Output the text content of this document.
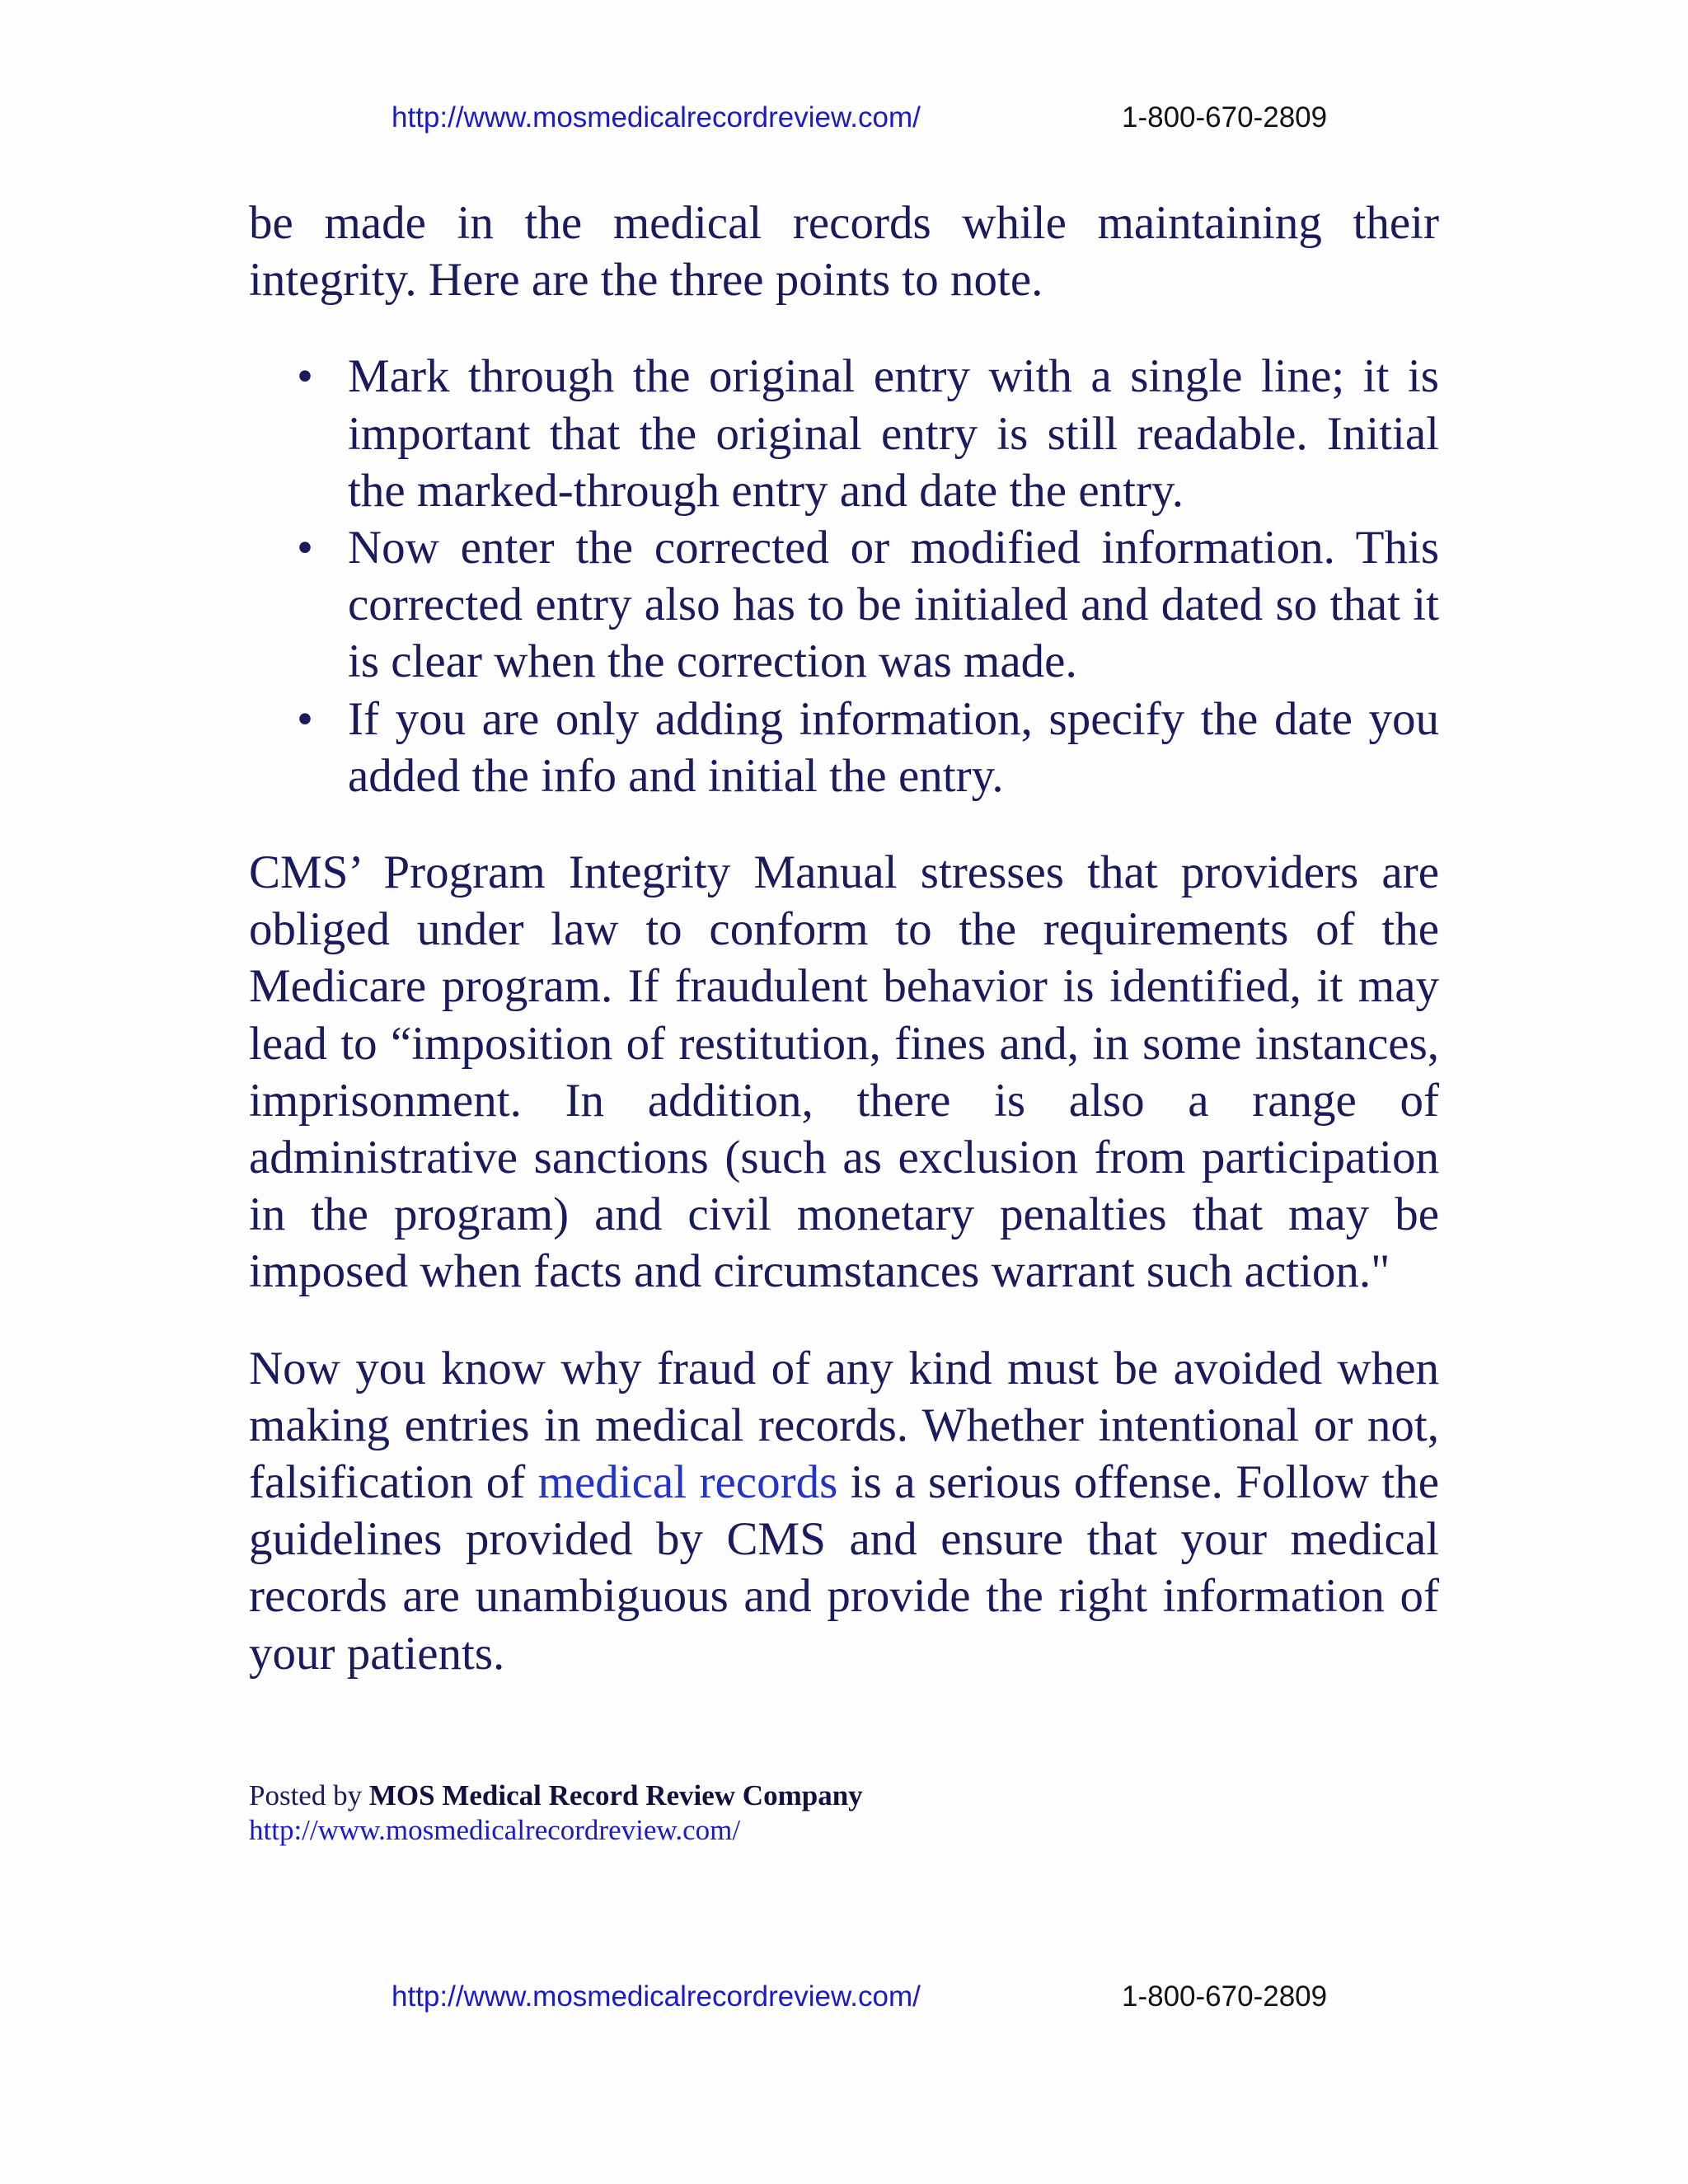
http://www.mosmedicalrecordreview.com/	1-800-670-2809

be made in the medical records while maintaining their integrity. Here are the three points to note.

• Mark through the original entry with a single line; it is important that the original entry is still readable. Initial the marked-through entry and date the entry.
• Now enter the corrected or modified information. This corrected entry also has to be initialed and dated so that it is clear when the correction was made.
• If you are only adding information, specify the date you added the info and initial the entry.

CMS’ Program Integrity Manual stresses that providers are obliged under law to conform to the requirements of the Medicare program. If fraudulent behavior is identified, it may lead to “imposition of restitution, fines and, in some instances, imprisonment. In addition, there is also a range of administrative sanctions (such as exclusion from participation in the program) and civil monetary penalties that may be imposed when facts and circumstances warrant such action."

Now you know why fraud of any kind must be avoided when making entries in medical records. Whether intentional or not, falsification of medical records is a serious offense. Follow the guidelines provided by CMS and ensure that your medical records are unambiguous and provide the right information of your patients.

Posted by MOS Medical Record Review Company
http://www.mosmedicalrecordreview.com/
http://www.mosmedicalrecordreview.com/	1-800-670-2809
